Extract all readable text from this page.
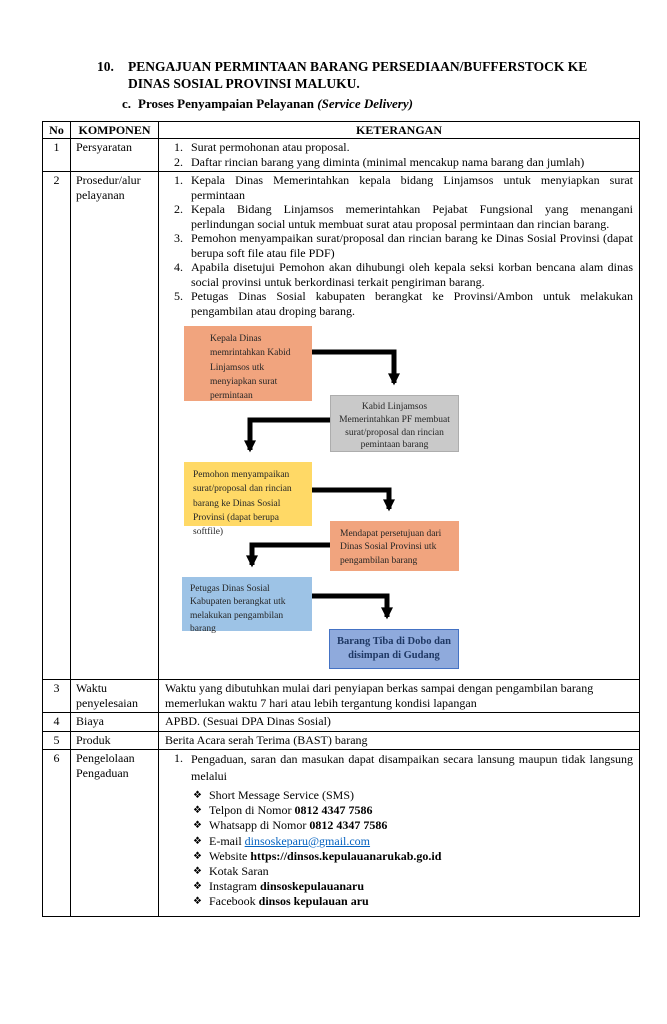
10.	PENGAJUAN PERMINTAAN BARANG PERSEDIAAN/BUFFERSTOCK KE
DINAS SOSIAL PROVINSI MALUKU.
c. Proses Penyampaian Pelayanan (Service Delivery)
No	KOMPONEN	KETERANGAN
1	Persyaratan	1. Surat permohonan atau proposal.
2. Daftar rincian barang yang diminta (minimal mencakup nama barang dan jumlah)

2	Prosedur/alur pelayanan	
1. Kepala Dinas Memerintahkan kepala bidang Linjamsos untuk menyiapkan surat permintaan
2. Kepala Bidang Linjamsos memerintahkan Pejabat Fungsional yang menangani perlindungan social untuk membuat surat atau proposal permintaan dan rincian barang.
3. Pemohon menyampaikan surat/proposal dan rincian barang ke Dinas Sosial Provinsi (dapat berupa soft file atau file PDF)
4. Apabila disetujui Pemohon akan dihubungi oleh kepala seksi korban bencana alam dinas social provinsi untuk berkordinasi terkait pengiriman barang.
5. Petugas Dinas Sosial kabupaten berangkat ke Provinsi/Ambon untuk melakukan pengambilan atau droping barang.
Kepala Dinas memrintahkan Kabid Linjamsos utk menyiapkan surat permintaan
Kabid Linjamsos Memerintahkan PF membuat surat/proposal dan rincian pemintaan barang
Pemohon menyampaikan surat/proposal dan rincian barang ke Dinas Sosial Provinsi (dapat berupa softfile)	Mendapat persetujuan dari Dinas Sosial Provinsi utk pengambilan barang
Petugas Dinas Sosial Kabupaten berangkat utk melakukan pengambilan barang
Barang Tiba di Dobo dan disimpan di Gudang

3	Waktu penyelesaian	Waktu yang dibutuhkan mulai dari penyiapan berkas sampai dengan pengambilan barang memerlukan waktu 7 hari atau lebih tergantung kondisi lapangan
4	Biaya	APBD. (Sesuai DPA Dinas Sosial)
5	Produk	Berita Acara serah Terima (BAST) barang
6	Pengelolaan Pengaduan	
1. Pengaduan, saran dan masukan dapat disampaikan secara lansung maupun tidak langsung melalui
❖ Short Message Service (SMS)
❖ Telpon di Nomor 0812 4347 7586
❖ Whatsapp di Nomor 0812 4347 7586
❖ E-mail dinsoskeparu@gmail.com
❖ Website https://dinsos.kepulauanarukab.go.id
❖ Kotak Saran
❖ Instagram dinsoskepulauanaru
❖ Facebook dinsos kepulauan aru
